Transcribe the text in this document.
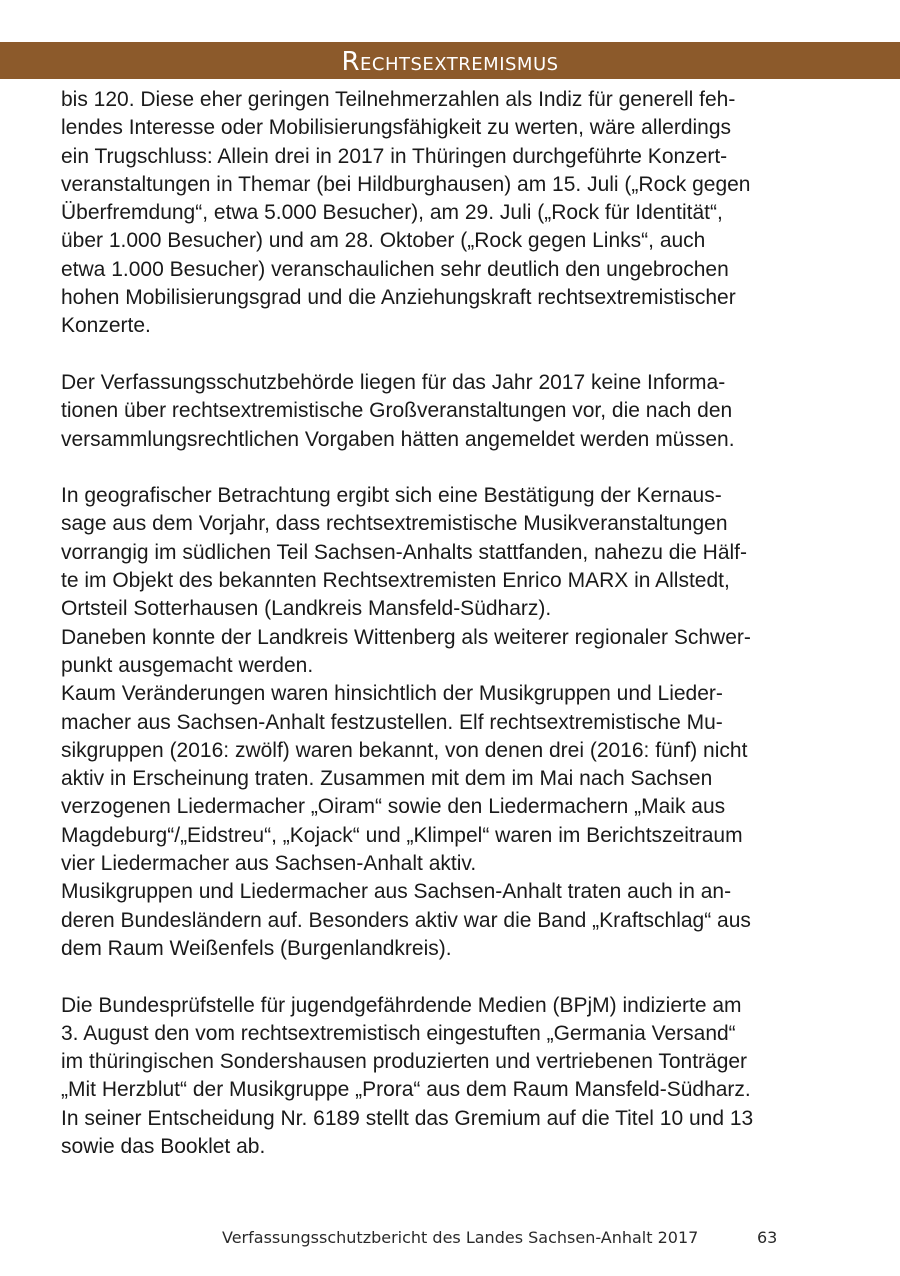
Rechtsextremismus

bis 120. Diese eher geringen Teilnehmerzahlen als Indiz für generell feh-
lendes Interesse oder Mobilisierungsfähigkeit zu werten, wäre allerdings
ein Trugschluss: Allein drei in 2017 in Thüringen durchgeführte Konzert-
veranstaltungen in Themar (bei Hildburghausen) am 15. Juli („Rock gegen
Überfremdung“, etwa 5.000 Besucher), am 29. Juli („Rock für Identität“,
über 1.000 Besucher) und am 28. Oktober („Rock gegen Links“, auch
etwa 1.000 Besucher) veranschaulichen sehr deutlich den ungebrochen
hohen Mobilisierungsgrad und die Anziehungskraft rechtsextremistischer
Konzerte.

Der Verfassungsschutzbehörde liegen für das Jahr 2017 keine Informa-
tionen über rechtsextremistische Großveranstaltungen vor, die nach den
versammlungsrechtlichen Vorgaben hätten angemeldet werden müssen.

In geografischer Betrachtung ergibt sich eine Bestätigung der Kernaus-
sage aus dem Vorjahr, dass rechtsextremistische Musikveranstaltungen
vorrangig im südlichen Teil Sachsen-Anhalts stattfanden, nahezu die Hälf-
te im Objekt des bekannten Rechtsextremisten Enrico MARX in Allstedt,
Ortsteil Sotterhausen (Landkreis Mansfeld-Südharz).

Daneben konnte der Landkreis Wittenberg als weiterer regionaler Schwer-
punkt ausgemacht werden.

Kaum Veränderungen waren hinsichtlich der Musikgruppen und Lieder-
macher aus Sachsen-Anhalt festzustellen. Elf rechtsextremistische Mu-
sikgruppen (2016: zwölf) waren bekannt, von denen drei (2016: fünf) nicht
aktiv in Erscheinung traten. Zusammen mit dem im Mai nach Sachsen
verzogenen Liedermacher „Oiram“ sowie den Liedermachern „Maik aus
Magdeburg“/„Eidstreu“, „Kojack“ und „Klimpel“ waren im Berichtszeitraum
vier Liedermacher aus Sachsen-Anhalt aktiv.

Musikgruppen und Liedermacher aus Sachsen-Anhalt traten auch in an-
deren Bundesländern auf. Besonders aktiv war die Band „Kraftschlag“ aus
dem Raum Weißenfels (Burgenlandkreis).

Die Bundesprüfstelle für jugendgefährdende Medien (BPjM) indizierte am
3. August den vom rechtsextremistisch eingestuften „Germania Versand“
im thüringischen Sondershausen produzierten und vertriebenen Tonträger
„Mit Herzblut“ der Musikgruppe „Prora“ aus dem Raum Mansfeld-Südharz.
In seiner Entscheidung Nr. 6189 stellt das Gremium auf die Titel 10 und 13
sowie das Booklet ab.

Verfassungsschutzbericht des Landes Sachsen-Anhalt 2017	63
